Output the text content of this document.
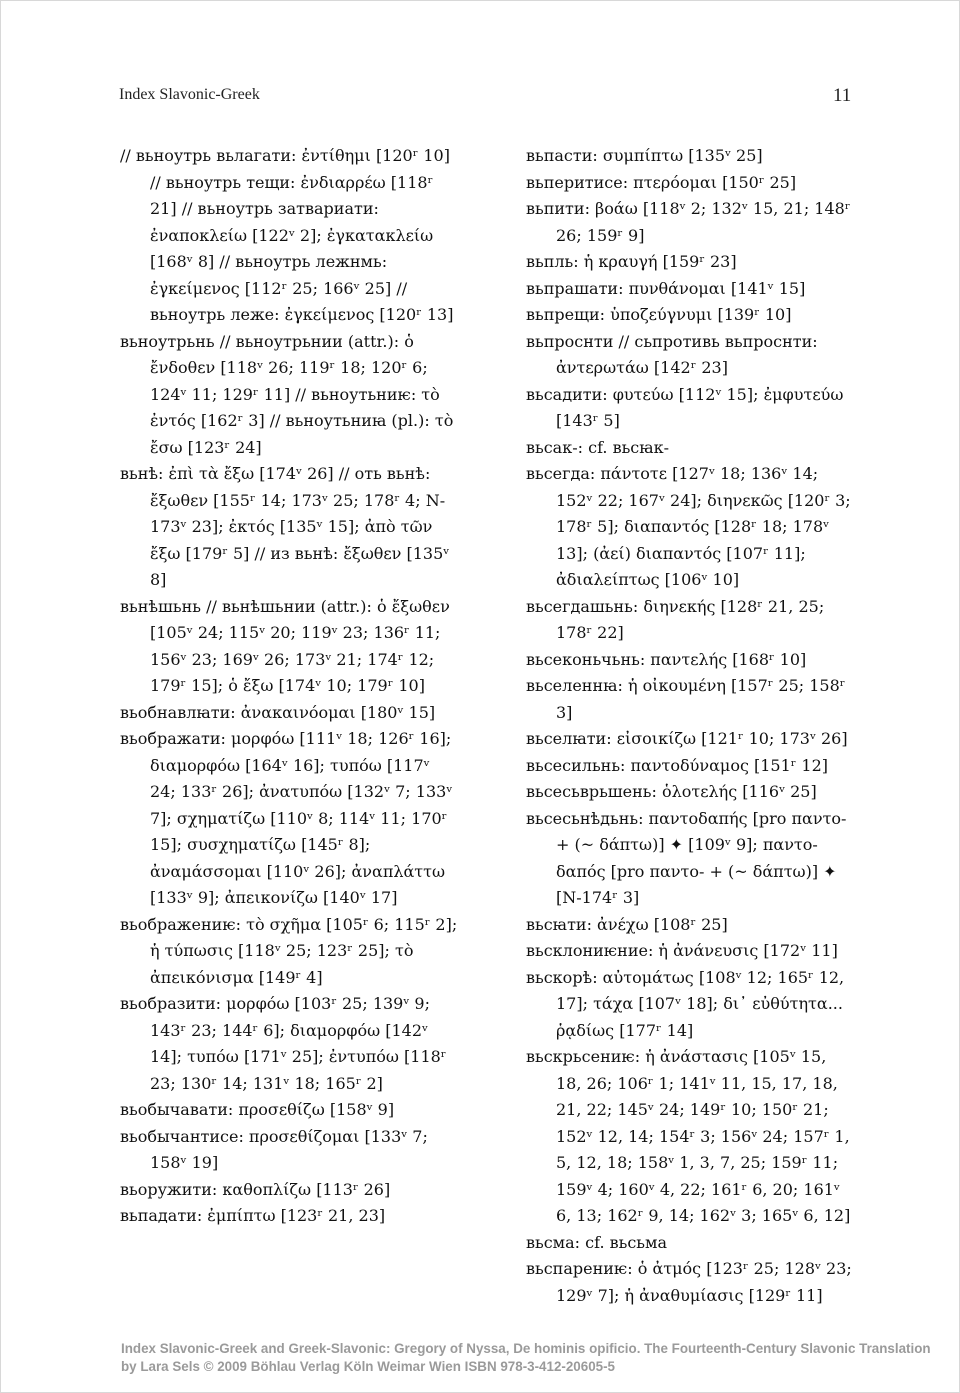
Index Slavonic-Greek	11

// вьноутрь вьлагати: ἐντίθημι [120ʳ 10] // вьноутрь тещи: ἐνδιαρρέω [118ʳ 21] // вьноутрь затвариати: ἐναποκλείω [122ᵛ 2]; ἐγκατακλείω [168ᵛ 8] // вьноутрь лежнмь: ἐγκείμενος [112ʳ 25; 166ᵛ 25] // вьноутрь леже: ἐγκείμενος [120ʳ 13]

вьноутрьнь // вьноутрьнии (attr.): ὁ ἔνδοθεν [118ᵛ 26; 119ʳ 18; 120ʳ 6; 124ᵛ 11; 129ʳ 11] // вьноутьниѥ: τὸ ἐντός [162ʳ 3] // вьноутьниꙗ (pl.): τὸ ἔσω [123ʳ 24]

вьнѣ: ἐπὶ τὰ ἔξω [174ᵛ 26] // оть вьнѣ: ἔξωθεν [155ʳ 14; 173ᵛ 25; 178ʳ 4; N-173ᵛ 23]; ἐκτός [135ᵛ 15]; ἀπὸ τῶν ἔξω [179ʳ 5] // из вьнѣ: ἔξωθεν [135ᵛ 8]

вьнѣшьнь // вьнѣшьнии (attr.): ὁ ἔξωθεν [105ᵛ 24; 115ᵛ 20; 119ᵛ 23; 136ʳ 11; 156ᵛ 23; 169ᵛ 26; 173ᵛ 21; 174ʳ 12; 179ʳ 15]; ὁ ἔξω [174ᵛ 10; 179ʳ 10]

вьобнавлꙗти: ἀνακαινόομαι [180ᵛ 15]

вьображати: μορφόω [111ᵛ 18; 126ʳ 16]; διαμορφόω [164ᵛ 16]; τυπόω [117ᵛ 24; 133ʳ 26]; ἀνατυπόω [132ᵛ 7; 133ᵛ 7]; σχηματίζω [110ᵛ 8; 114ᵛ 11; 170ʳ 15]; συσχηματίζω [145ʳ 8]; ἀναμάσσομαι [110ᵛ 26]; ἀναπλάττω [133ᵛ 9]; ἀπεικονίζω [140ᵛ 17]

вьображениѥ: τὸ σχῆμα [105ʳ 6; 115ʳ 2]; ἡ τύπωσις [118ᵛ 25; 123ʳ 25]; τὸ ἀπεικόνισμα [149ʳ 4]

вьобразити: μορφόω [103ʳ 25; 139ᵛ 9; 143ʳ 23; 144ʳ 6]; διαμορφόω [142ᵛ 14]; τυπόω [171ᵛ 25]; ἐντυπόω [118ʳ 23; 130ʳ 14; 131ᵛ 18; 165ʳ 2]

вьобычавати: προσεθίζω [158ᵛ 9]

вьобычантисе: προσεθίζομαι [133ᵛ 7; 158ᵛ 19]

вьоружити: καθοπλίζω [113ʳ 26]

вьпадати: ἐμπίπτω [123ʳ 21, 23]

вьпасти: συμπίπτω [135ᵛ 25]

вьперитисе: πτερόομαι [150ʳ 25]

вьпити: βοάω [118ᵛ 2; 132ᵛ 15, 21; 148ʳ 26; 159ʳ 9]

вьпль: ἡ κραυγή [159ʳ 23]

вьпрашати: πυνθάνομαι [141ᵛ 15]

вьпрещи: ὑποζεύγνυμι [139ʳ 10]

вьпроснти // сьпротивь вьпроснти: ἀντερωτάω [142ʳ 23]

вьсадити: φυτεύω [112ᵛ 15]; ἐμφυτεύω [143ʳ 5]

вьсак-: cf. вьсꙗк-

вьсегда: πάντοτε [127ᵛ 18; 136ᵛ 14; 152ᵛ 22; 167ᵛ 24]; διηνεκῶς [120ʳ 3; 178ʳ 5]; διαπαντός [128ʳ 18; 178ᵛ 13]; (ἀεί) διαπαντός [107ʳ 11]; ἀδιαλείπτως [106ᵛ 10]

вьсегдашьнь: διηνεκής [128ʳ 21, 25; 178ʳ 22]

вьсеконьчьнь: παντελής [168ʳ 10]

вьселеннꙗ: ἡ οἰκουμένη [157ʳ 25; 158ʳ 3]

вьселꙗти: εἰσοικίζω [121ʳ 10; 173ᵛ 26]

вьсесильнь: παντοδύναμος [151ʳ 12]

вьсесьврьшень: ὁλοτελής [116ᵛ 25]

вьсесьнѣдьнь: παντοδαπής [pro παντο- + (~ δάπτω)] ✦ [109ᵛ 9]; παντο- δαπός [pro παντο- + (~ δάπτω)] ✦ [N-174ʳ 3]

вьсꙗти: ἀνέχω [108ʳ 25]

вьсклониѥние: ἡ ἀνάνευσις [172ᵛ 11]

вьскорѣ: αὐτομάτως [108ᵛ 12; 165ʳ 12, 17]; τάχα [107ᵛ 18]; δι᾽ εὐθύτητα... ῥᾳδίως [177ʳ 14]

вьскрьсениѥ: ἡ ἀνάστασις [105ᵛ 15, 18, 26; 106ʳ 1; 141ᵛ 11, 15, 17, 18, 21, 22; 145ᵛ 24; 149ʳ 10; 150ʳ 21; 152ᵛ 12, 14; 154ʳ 3; 156ᵛ 24; 157ʳ 1, 5, 12, 18; 158ᵛ 1, 3, 7, 25; 159ʳ 11; 159ᵛ 4; 160ᵛ 4, 22; 161ʳ 6, 20; 161ᵛ 6, 13; 162ʳ 9, 14; 162ᵛ 3; 165ᵛ 6, 12]

вьсма: cf. вьсьма

вьспарениѥ: ὁ ἀτμός [123ʳ 25; 128ᵛ 23; 129ᵛ 7]; ἡ ἀναθυμίασις [129ʳ 11]

Index Slavonic-Greek and Greek-Slavonic: Gregory of Nyssa, De hominis opificio. The Fourteenth-Century Slavonic Translation
by Lara Sels © 2009 Böhlau Verlag Köln Weimar Wien ISBN 978-3-412-20605-5
